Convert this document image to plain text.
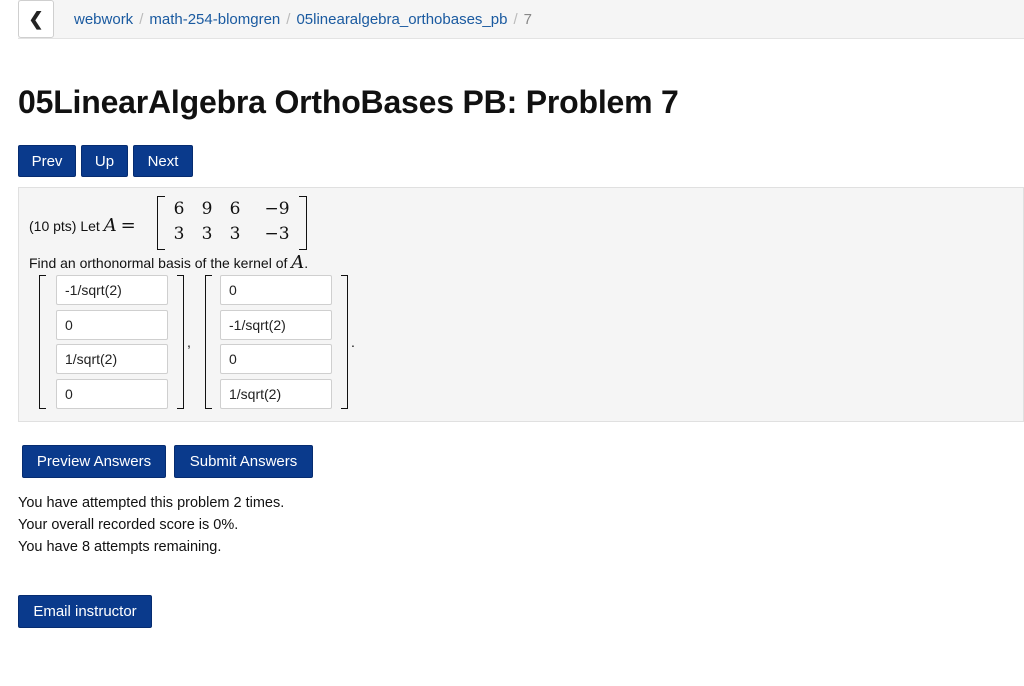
❮ webwork / math-254-blomgren / 05linearalgebra_orthobases_pb / 7
05LinearAlgebra OrthoBases PB: Problem 7
Prev	Up	Next
(10 pts) Let A =
6	9	6	−9
3	3	3	−3
Find an orthonormal basis of the kernel of A.
-1/sqrt(2)
0
1/sqrt(2)
0
,
0
-1/sqrt(2)
0
1/sqrt(2)
.
Preview Answers	Submit Answers
You have attempted this problem 2 times.
Your overall recorded score is 0%.
You have 8 attempts remaining.
Email instructor
